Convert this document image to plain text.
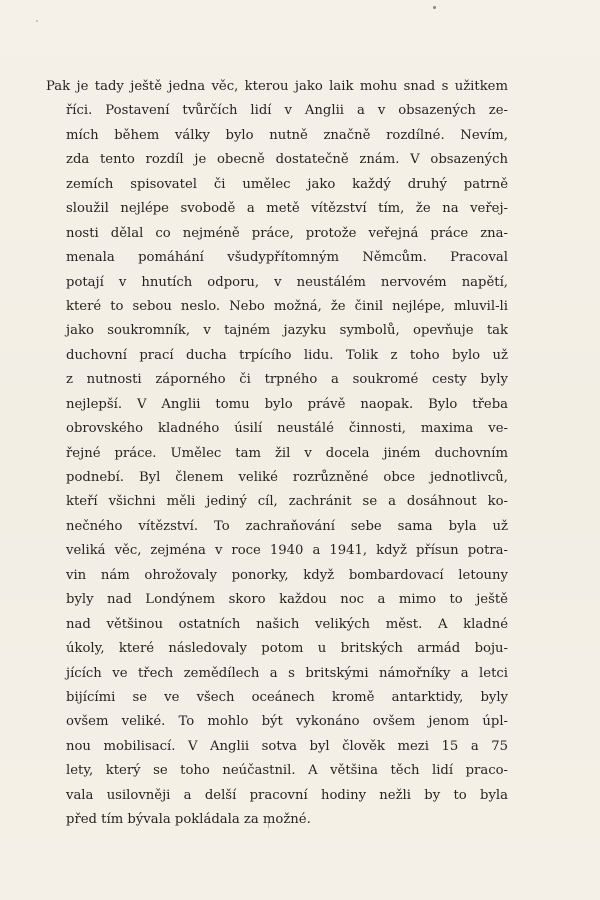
Pak je tady ještě jedna věc, kterou jako laik mohu snad s užitkem
říci. Postavení tvůrčích lidí v Anglii a v obsazených ze-
mích během války bylo nutně značně rozdílné. Nevím,
zda tento rozdíl je obecně dostatečně znám. V obsazených
zemích spisovatel či umělec jako každý druhý patrně
sloužil nejlépe svobodě a metě vítězství tím, že na veřej-
nosti dělal co nejméně práce, protože veřejná práce zna-
menala pomáhání všudypřítomným Němcům. Pracoval
potají v hnutích odporu, v neustálém nervovém napětí,
které to sebou neslo. Nebo možná, že činil nejlépe, mluvil-li
jako soukromník, v tajném jazyku symbolů, opevňuje tak
duchovní prací ducha trpícího lidu. Tolik z toho bylo už
z nutnosti záporného či trpného a soukromé cesty byly
nejlepší. V Anglii tomu bylo právě naopak. Bylo třeba
obrovského kladného úsilí neustálé činnosti, maxima ve-
řejné práce. Umělec tam žil v docela jiném duchovním
podnebí. Byl členem veliké rozrůzněné obce jednotlivců,
kteří všichni měli jediný cíl, zachránit se a dosáhnout ko-
nečného vítězství. To zachraňování sebe sama byla už
veliká věc, zejména v roce 1940 a 1941, když přísun potra-
vin nám ohrožovaly ponorky, když bombardovací letouny
byly nad Londýnem skoro každou noc a mimo to ještě
nad většinou ostatních našich velikých měst. A kladné
úkoly, které následovaly potom u britských armád boju-
jících ve třech zemědílech a s britskými námořníky a letci
bijícími se ve všech oceánech kromě antarktidy, byly
ovšem veliké. To mohlo být vykonáno ovšem jenom úpl-
nou mobilisací. V Anglii sotva byl člověk mezi 15 a 75
lety, který se toho neúčastnil. A většina těch lidí praco-
vala usilovněji a delší pracovní hodiny nežli by to byla
před tím bývala pokládala za možné.
